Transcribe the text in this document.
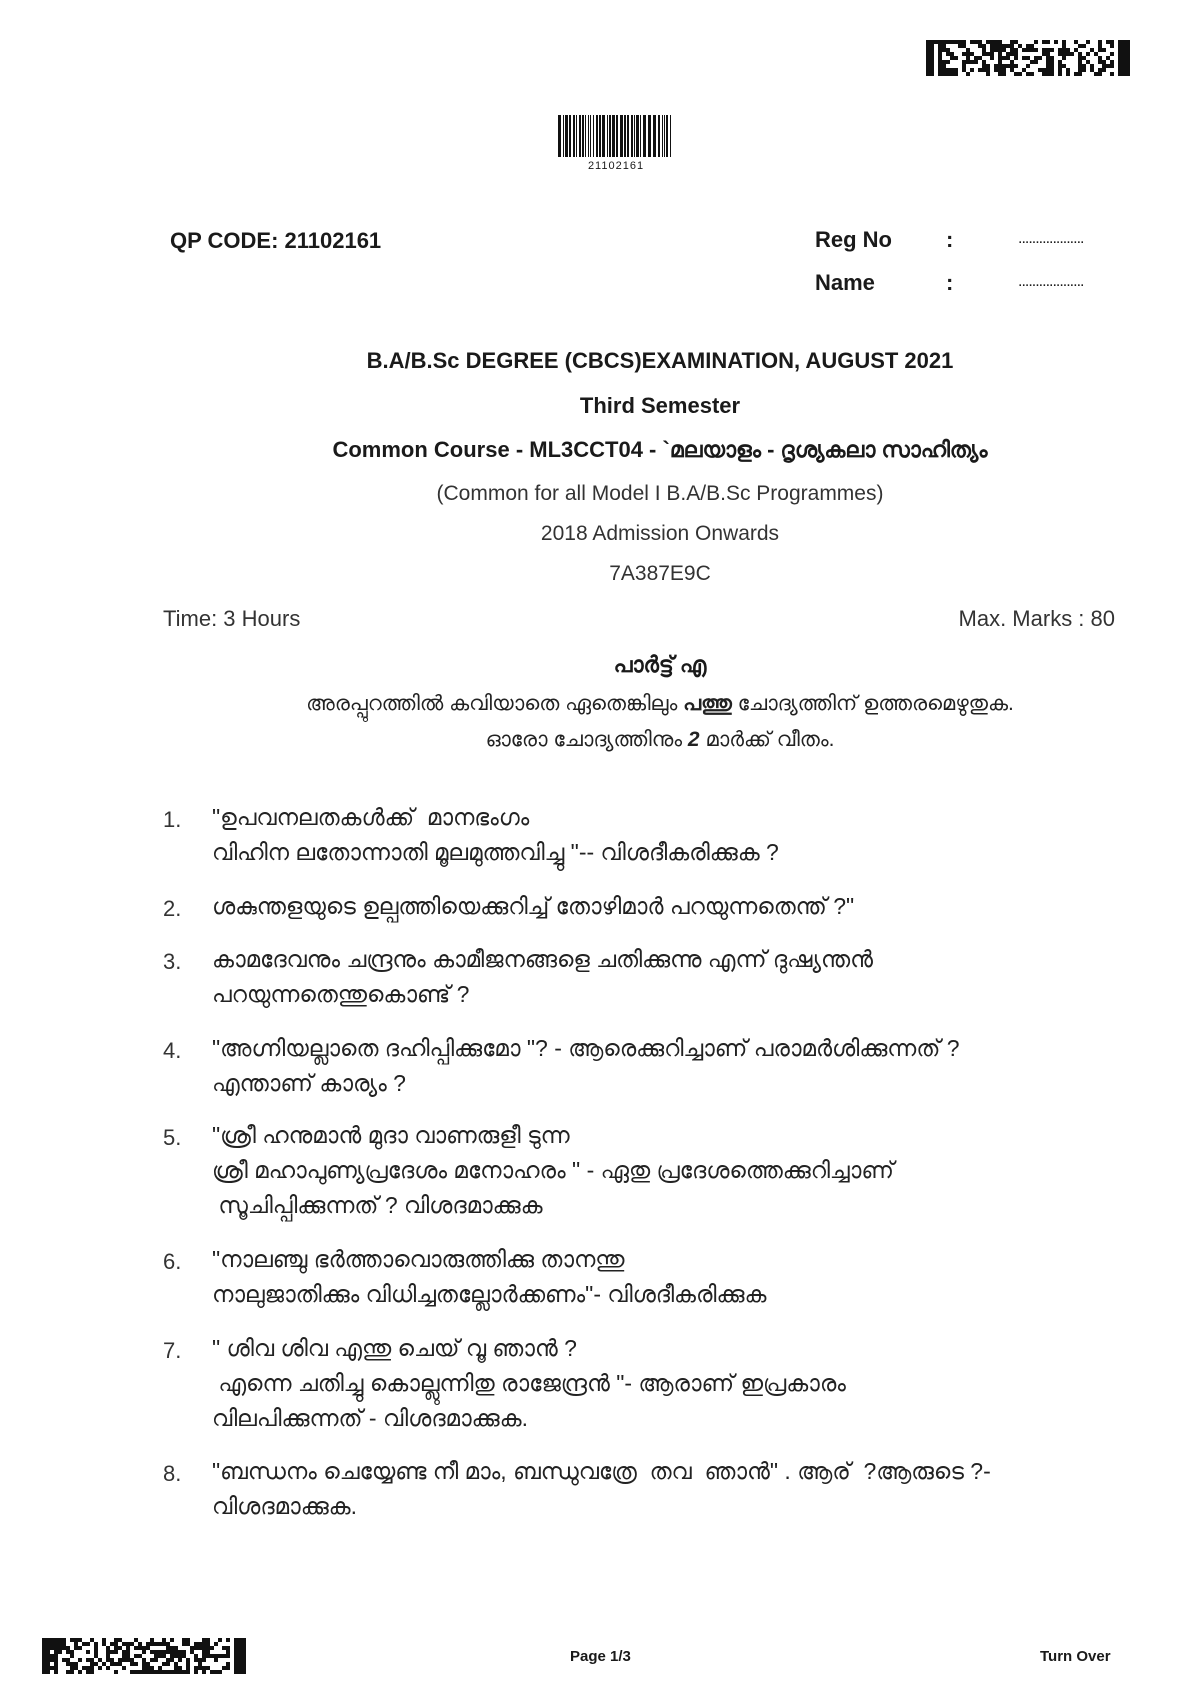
21102161
QP CODE: 21102161	Reg No :	...................
Name	:	...................
B.A/B.Sc DEGREE (CBCS)EXAMINATION, AUGUST 2021
Third Semester
Common Course - ML3CCT04 - `മലയാളം - ദൃശ്യകലാ സാഹിത്യം
(Common for all Model I B.A/B.Sc Programmes)
2018 Admission Onwards
7A387E9C
Time: 3 Hours	Max. Marks : 80
പാർട്ട് എ
അരപ്പുറത്തിൽ കവിയാതെ ഏതെങ്കിലും പത്തു ചോദ്യത്തിന് ഉത്തരമെഴുതുക.
ഓരോ ചോദ്യത്തിനും 2 മാർക്ക് വീതം.
1. "ഉപവനലതകൾക്ക്  മാനഭംഗം
വിഹിന ലതോന്നാതി മൂലമുത്തവിച്ചു "-- വിശദീകരിക്കുക ?
2. ശകുന്തളയുടെ ഉല്പത്തിയെക്കുറിച്ച് തോഴിമാർ പറയുന്നതെന്ത് ?"
3. കാമദേവനും ചന്ദ്രനും കാമീജനങ്ങളെ ചതിക്കുന്നു എന്ന് ദുഷ്യന്തൻ
പറയുന്നതെന്തുകൊണ്ട് ?
4. "അഗ്നിയല്ലാതെ ദഹിപ്പിക്കുമോ "? - ആരെക്കുറിച്ചാണ് പരാമർശിക്കുന്നത് ?
എന്താണ് കാര്യം ?
5. "ശ്രീ ഹനുമാൻ മുദാ വാണരുളീ ടുന്ന
ശ്രീ മഹാപുണ്യപ്രദേശം മനോഹരം " - ഏതു പ്രദേശത്തെക്കുറിച്ചാണ്
സൂചിപ്പിക്കുന്നത് ? വിശദമാക്കുക
6. "നാലഞ്ചു ഭർത്താവൊരുത്തിക്കു താനന്തു
നാലുജാതിക്കും വിധിച്ചതല്ലോർക്കണം"- വിശദീകരിക്കുക
7. " ശിവ ശിവ എന്തു ചെയ് വൂ ഞാൻ ?
എന്നെ ചതിച്ചു കൊല്ലുന്നിതു രാജേന്ദ്രൻ "- ആരാണ് ഇപ്രകാരം
വിലപിക്കുന്നത് - വിശദമാക്കുക.
8. "ബന്ധനം ചെയ്യേണ്ട നീ മാം, ബന്ധുവത്രേ  തവ  ഞാൻ" . ആര്  ?ആരുടെ ?-
വിശദമാക്കുക.
Page 1/3	Turn Over
